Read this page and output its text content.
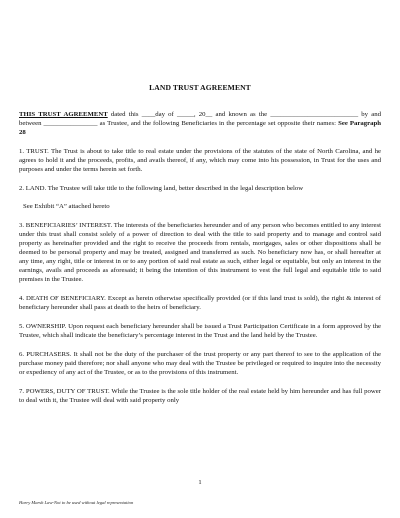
LAND TRUST AGREEMENT

THIS TRUST AGREEMENT dated this ____day of _____, 20__ and known as the __________________________ by and between ________________ as Trustee, and the following Beneficiaries in the percentage set opposite their names: See Paragraph 28

1. TRUST. The Trust is about to take title to real estate under the provisions of the statutes of the state of North Carolina, and he agrees to hold it and the proceeds, profits, and avails thereof, if any, which may come into his possession, in Trust for the uses and purposes and under the terms herein set forth.

2. LAND. The Trustee will take title to the following land, better described in the legal description below

See Exhibit “A” attached hereto

3. BENEFICIARIES’ INTEREST. The interests of the beneficiaries hereunder and of any person who becomes entitled to any interest under this trust shall consist solely of a power of direction to deal with the title to said property and to manage and control said property as hereinafter provided and the right to receive the proceeds from rentals, mortgages, sales or other dispositions shall be deemed to be personal property and may be treated, assigned and transferred as such. No beneficiary now has, or shall hereafter at any time, any right, title or interest in or to any portion of said real estate as such, either legal or equitable, but only an interest in the earnings, avails and proceeds as aforesaid; it being the intention of this instrument to vest the full legal and equitable title to said premises in the Trustee.

4. DEATH OF BENEFICIARY. Except as herein otherwise specifically provided (or if this land trust is sold), the right & interest of beneficiary hereunder shall pass at death to the heirs of beneficiary.

5. OWNERSHIP. Upon request each beneficiary hereunder shall be issued a Trust Participation Certificate in a form approved by the Trustee, which shall indicate the beneficiary’s percentage interest in the Trust and the land held by the Trustee.

6. PURCHASERS. It shall not be the duty of the purchaser of the trust property or any part thereof to see to the application of the purchase money paid therefore; nor shall anyone who may deal with the Trustee be privileged or required to inquire into the necessity or expediency of any act of the Trustee, or as to the provisions of this instrument.

7. POWERS, DUTY OF TRUST. While the Trustee is the sole title holder of the real estate held by him hereunder and has full power to deal with it, the Trustee will deal with said property only

1
Harry Marsh Law-Not to be used without legal representation
